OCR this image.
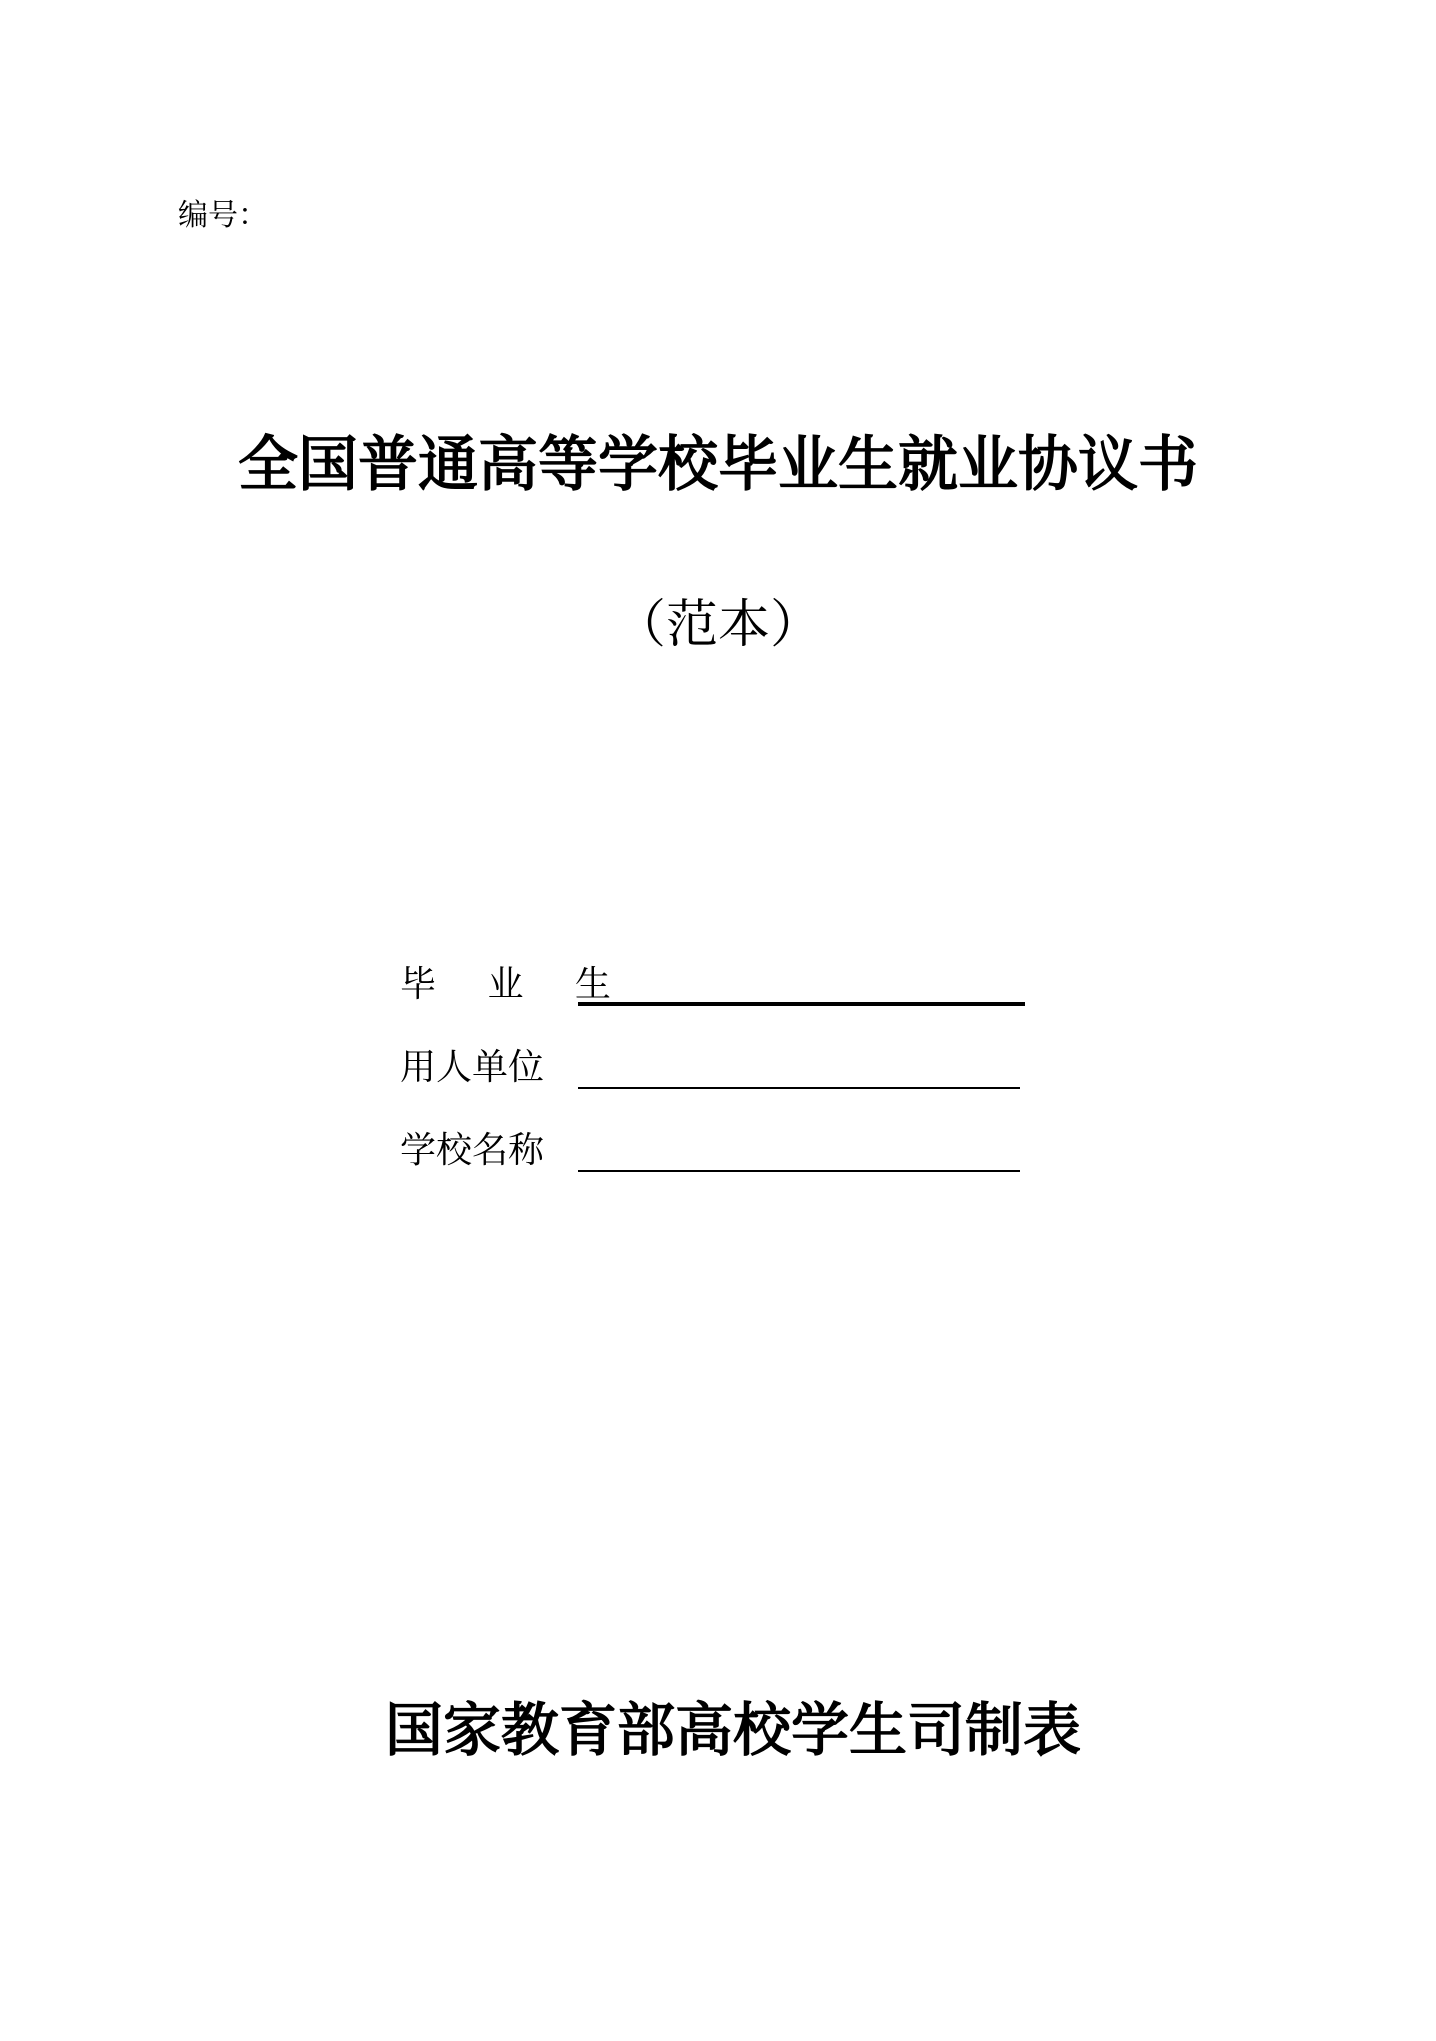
编号：
全国普通高等学校毕业生就业协议书
（范本）
毕 业 生
用人单位
学校名称
国家教育部高校学生司制表
